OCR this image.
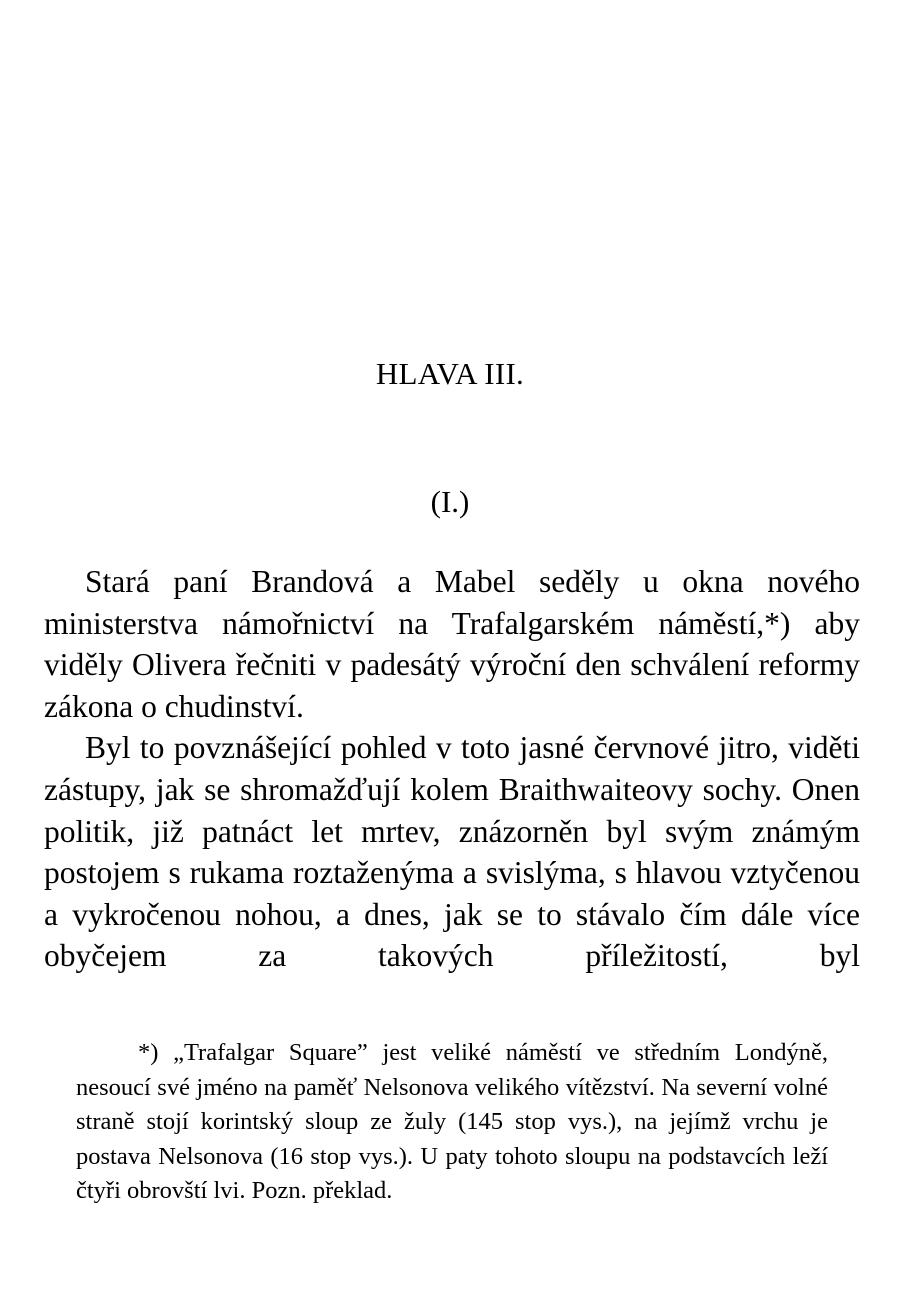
HLAVA III.
(I.)

Stará paní Brandová a Mabel seděly u okna nového ministerstva námořnictví na Trafalgarském náměstí,*) aby viděly Olivera řečniti v padesátý výroční den schválení reformy zákona o chudinství.

Byl to povznášející pohled v toto jasné červnové jitro, viděti zástupy, jak se shromažďují kolem Braithwaiteovy sochy. Onen politik, již patnáct let mrtev, znázorněn byl svým známým postojem s rukama roztaženýma a svislýma, s hlavou vztyčenou a vykročenou nohou, a dnes, jak se to stávalo čím dále více obyčejem za takových příležitostí, byl

*) „Trafalgar Square” jest veliké náměstí ve středním Londýně, nesoucí své jméno na paměť Nelsonova velikého vítězství. Na severní volné straně stojí korintský sloup ze žuly (145 stop vys.), na jejímž vrchu je postava Nelsonova (16 stop vys.). U paty tohoto sloupu na podstavcích leží čtyři obrovští lvi. Pozn. překlad.
